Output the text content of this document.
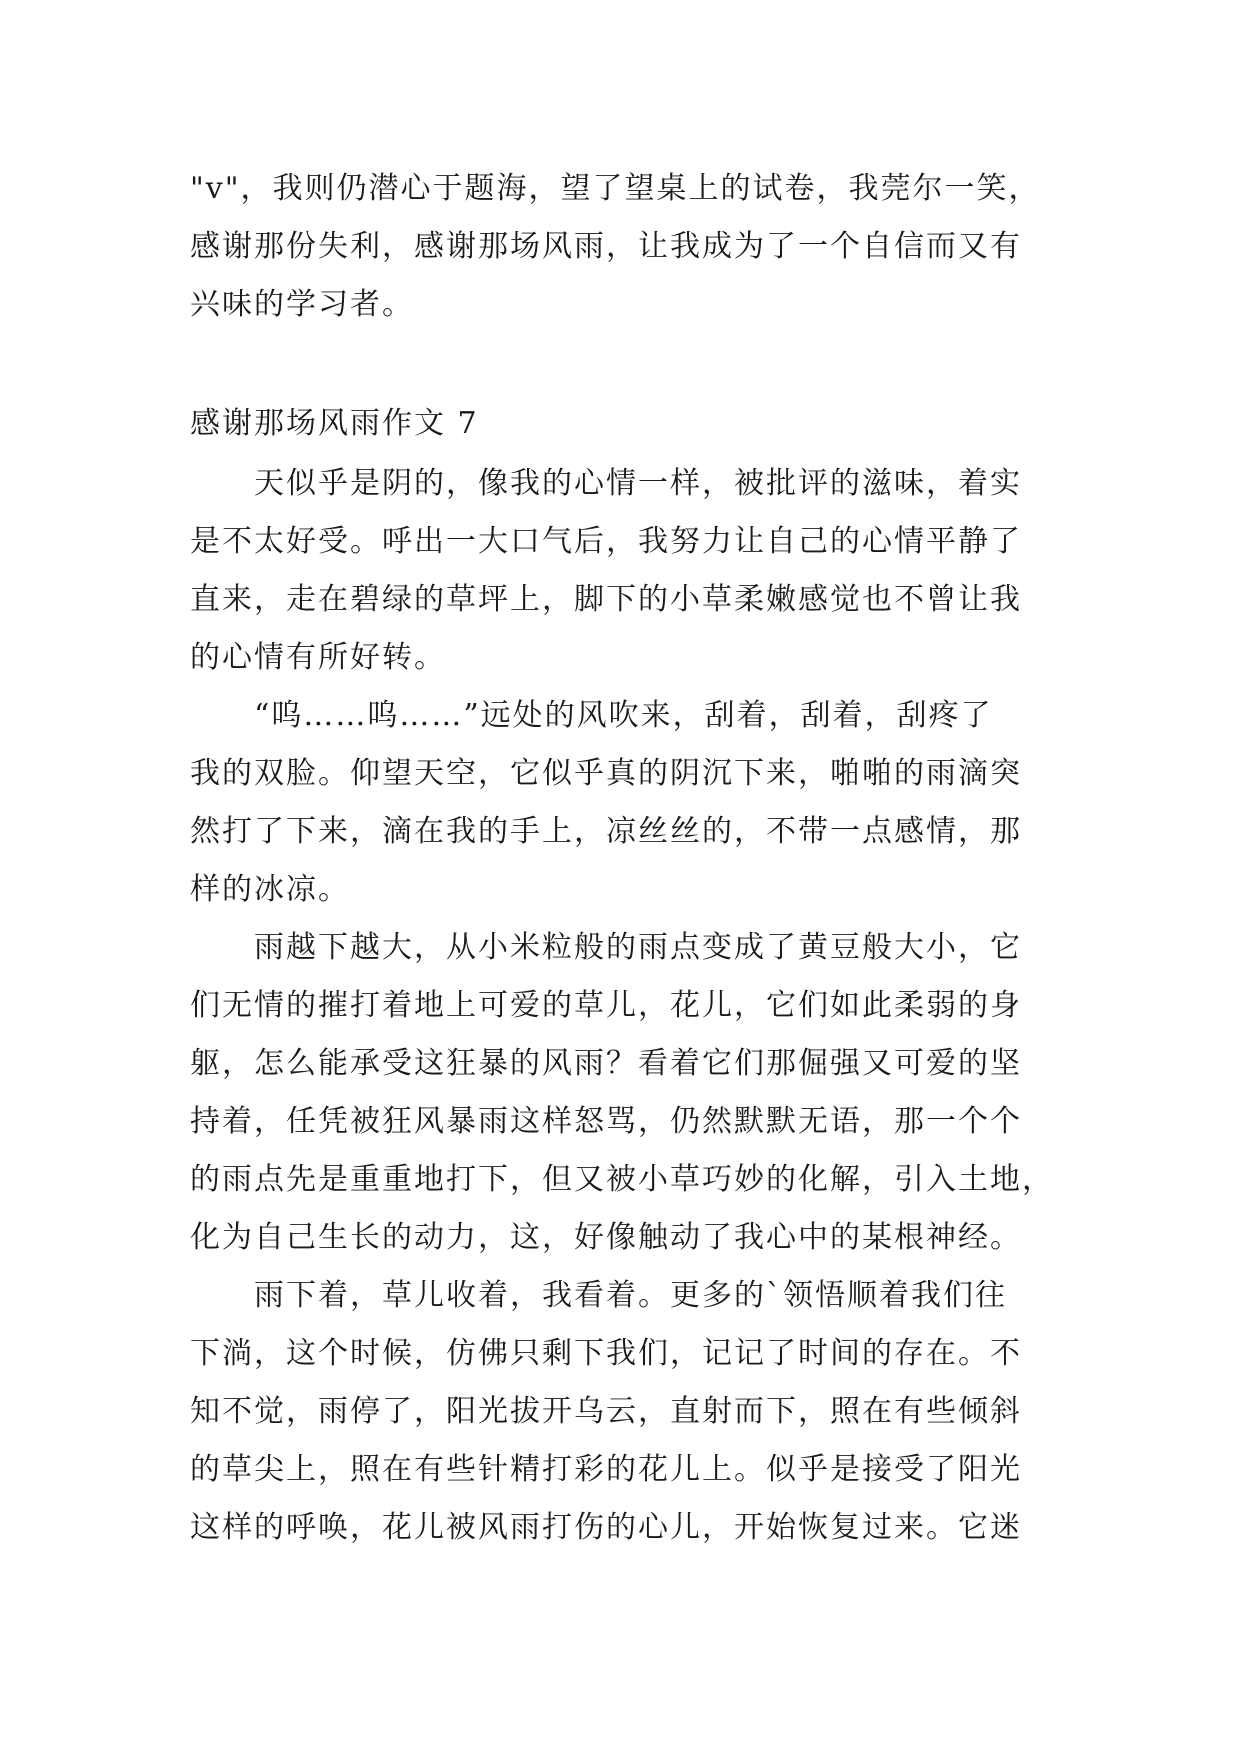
"v"，我则仍潜心于题海，望了望桌上的试卷，我莞尔一笑，
感谢那份失利，感谢那场风雨，让我成为了一个自信而又有
兴味的学习者。
感谢那场风雨作文 7
　　天似乎是阴的，像我的心情一样，被批评的滋味，着实
是不太好受。呼出一大口气后，我努力让自己的心情平静了
直来，走在碧绿的草坪上，脚下的小草柔嫩感觉也不曾让我
的心情有所好转。
　　“呜……呜……”远处的风吹来，刮着，刮着，刮疼了
我的双脸。仰望天空，它似乎真的阴沉下来，啪啪的雨滴突
然打了下来，滴在我的手上，凉丝丝的，不带一点感情，那
样的冰凉。
　　雨越下越大，从小米粒般的雨点变成了黄豆般大小，它
们无情的摧打着地上可爱的草儿，花儿，它们如此柔弱的身
躯，怎么能承受这狂暴的风雨？看着它们那倔强又可爱的坚
持着，任凭被狂风暴雨这样怒骂，仍然默默无语，那一个个
的雨点先是重重地打下，但又被小草巧妙的化解，引入土地，
化为自己生长的动力，这，好像触动了我心中的某根神经。
　　雨下着，草儿收着，我看着。更多的`领悟顺着我们往
下淌，这个时候，仿佛只剩下我们，记记了时间的存在。不
知不觉，雨停了，阳光拔开乌云，直射而下，照在有些倾斜
的草尖上，照在有些针精打彩的花儿上。似乎是接受了阳光
这样的呼唤，花儿被风雨打伤的心儿，开始恢复过来。它迷
